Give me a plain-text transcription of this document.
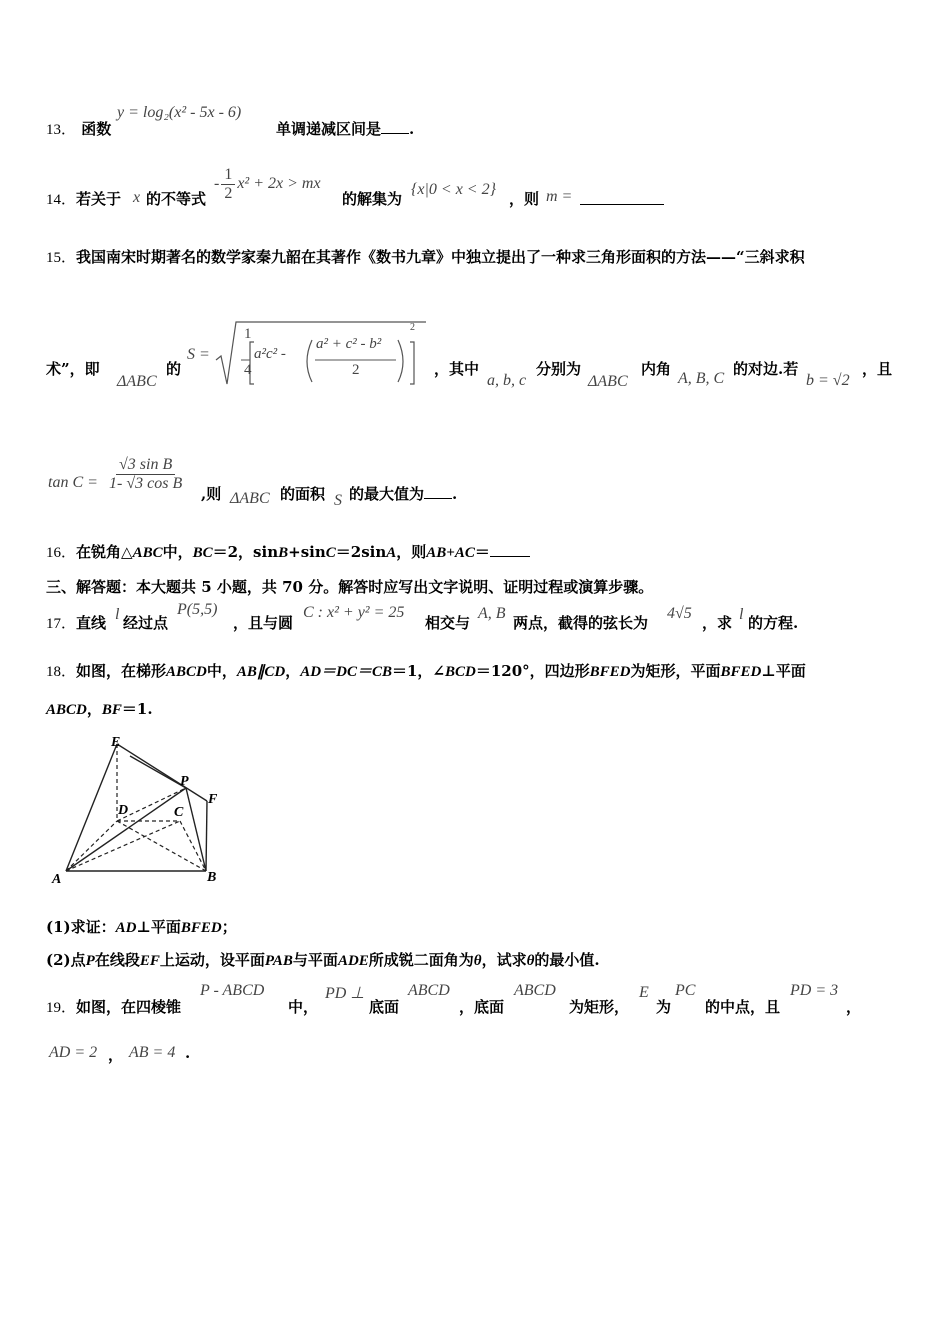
13． 函数
y = log₂(x² - 5x - 6)
单调递减区间是 .
14．若关于 x 的不等式
- $\frac{1}{2} x^2 + 2x$ > mx
的解集为
{x|0 < x < 2}
，则 m =
15．我国南宋时期著名的数学家秦九韶在其著作《数书九章》中独立提出了一种求三角形面积的方法——“三斜求积
术”，即
ΔABC
的
S =
1
4
a²c² -
a² + c² - b²
2
2
，其中
a, b, c
分别为
ΔABC
内角
A, B, C
的对边.若
b = √2
，且
$\tan C = \frac{\text{√3 sin B}}{\text{1- √3 cos B}}$
,则 ΔABC 的面积 S 的最大值为 .
16．在锐角△ABC中，BC＝2，sinB+sinC＝2sinA，则AB+AC＝
三、解答题：本大题共 5 小题，共 70 分。解答时应写出文字说明、证明过程或演算步骤。
17．直线 l 经过点
P(5,5)
，且与圆
C : x² + y² = 25
相交与
A, B
两点，截得的弦长为
4√5
，求 l 的方程.
18．如图，在梯形ABCD中，AB∥CD，AD＝DC＝CB＝1，∠BCD＝120°，四边形BFED为矩形，平面BFED⊥平面
ABCD，BF＝1.
E
P
F
D	C
A	B
(1)求证：AD⊥平面BFED；
(2)点P在线段EF上运动，设平面PAB与平面ADE所成锐二面角为θ，试求θ的最小值.
19．如图，在四棱锥
P - ABCD
中，
PD ⊥
底面
ABCD
，底面
ABCD
为矩形，
E
为
PC
的中点，且
PD = 3
，
AD = 2 ， AB = 4 .
